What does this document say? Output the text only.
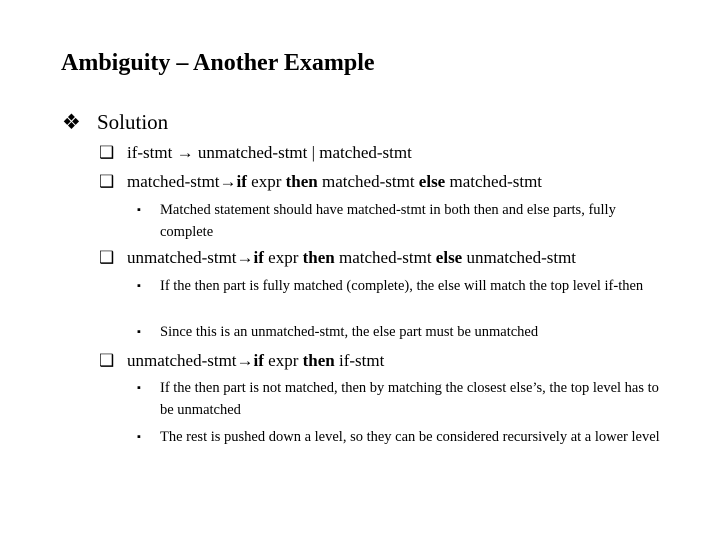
Ambiguity – Another Example
❖ Solution
❑ if-stmt → unmatched-stmt | matched-stmt
❑ matched-stmt→if expr then matched-stmt else matched-stmt
▪ Matched statement should have matched-stmt in both then and else parts, fully complete
❑ unmatched-stmt→if expr then matched-stmt else unmatched-stmt
▪ If the then part is fully matched (complete), the else will match the top level if-then
▪ Since this is an unmatched-stmt, the else part must be unmatched
❑ unmatched-stmt→if expr then if-stmt
▪ If the then part is not matched, then by matching the closest else’s, the top level has to be unmatched
▪ The rest is pushed down a level, so they can be considered recursively at a lower level
